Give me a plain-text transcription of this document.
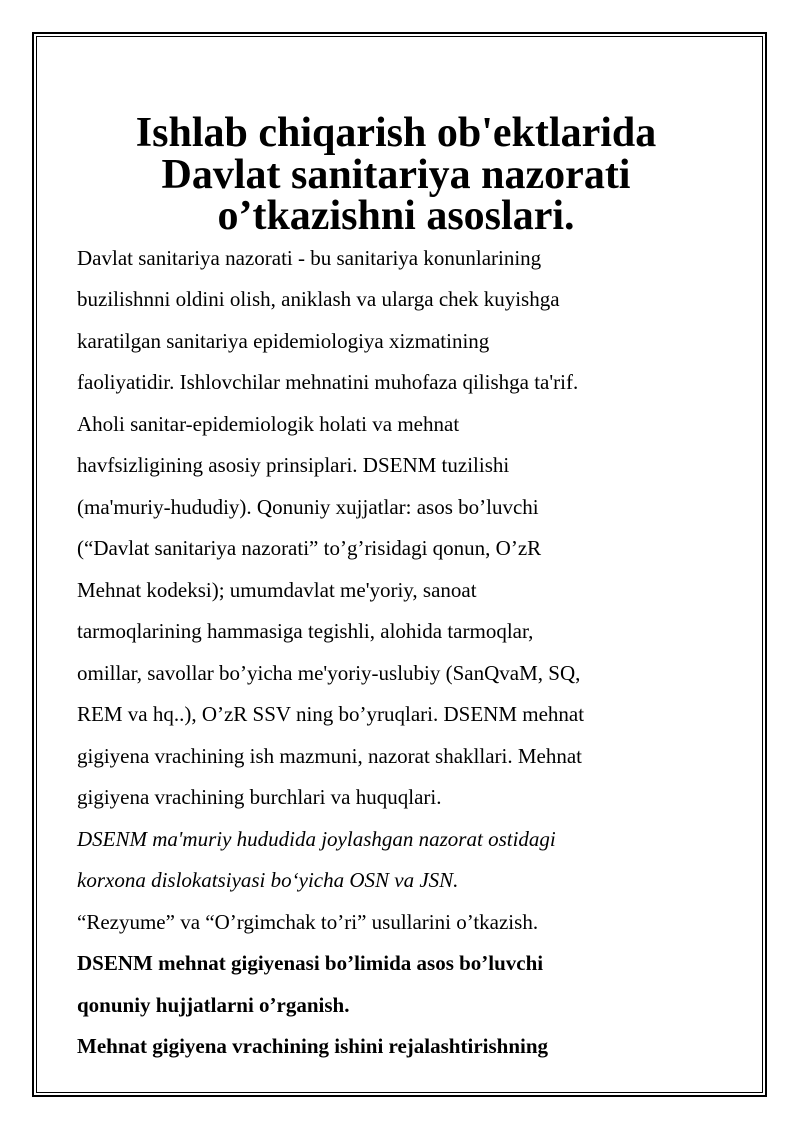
Ishlab chiqarish ob'ektlarida Davlat sanitariya nazorati
o’tkazishni asoslari.
Davlat sanitariya nazorati - bu sanitariya konunlarining
buzilishnni oldini olish, aniklash va ularga chek kuyishga
karatilgan sanitariya epidemiologiya xizmatining
faoliyatidir. Ishlovchilar mehnatini muhofaza qilishga ta'rif.
Aholi sanitar-epidemiologik holati va mehnat
havfsizligining asosiy prinsiplari. DSENM tuzilishi
(ma'muriy-hududiy). Qonuniy xujjatlar: asos bo’luvchi
(“Davlat sanitariya nazorati” to’g’risidagi qonun, O’zR
Mehnat kodeksi); umumdavlat me'yoriy, sanoat
tarmoqlarining hammasiga tegishli, alohida tarmoqlar,
omillar, savollar bo’yicha me'yoriy-uslubiy (SanQvaM, SQ,
REM va hq..), O’zR SSV ning bo’yruqlari. DSENM mehnat
gigiyena vrachining ish mazmuni, nazorat shakllari. Mehnat
gigiyena vrachining burchlari va huquqlari.
DSENM ma'muriy hududida joylashgan nazorat ostidagi
korxona dislokatsiyasi bo‘yicha OSN va JSN.
“Rezyume” va “O’rgimchak to’ri” usullarini o’tkazish.
DSENM mehnat gigiyenasi bo’limida asos bo’luvchi
qonuniy hujjatlarni o’rganish.
Mehnat gigiyena vrachining ishini rejalashtirishning
